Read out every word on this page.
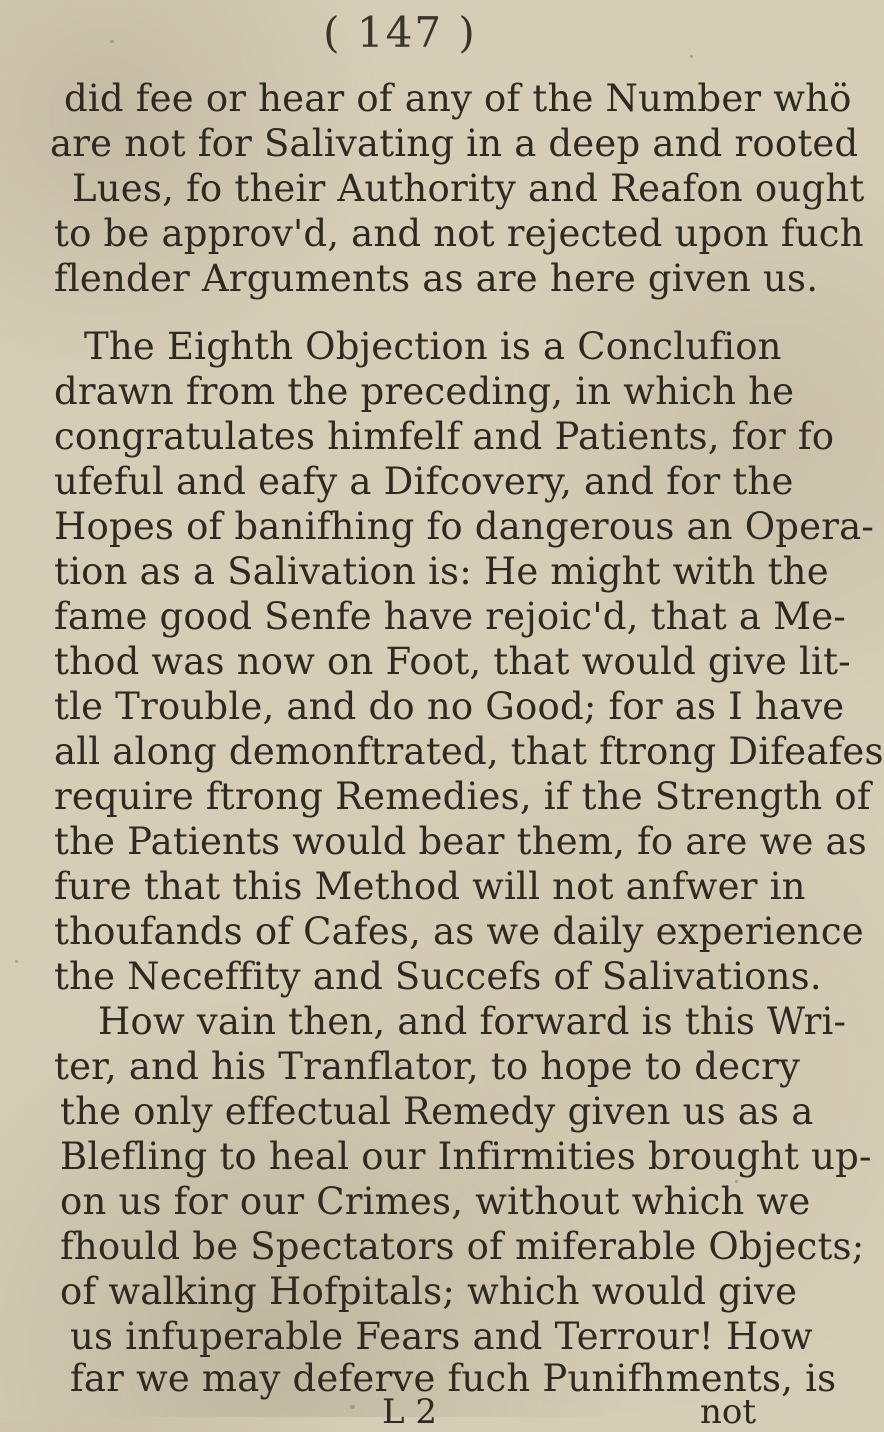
( 147 )
did fee or hear of any of the Number whö
are not for Salivating in a deep and rooted
Lues, fo their Authority and Reafon ought
to be approv'd, and not rejected upon fuch
flender Arguments as are here given us.
The Eighth Objection is a Conclufion
drawn from the preceding, in which he
congratulates himfelf and Patients, for fo
ufeful and eafy a Difcovery, and for the
Hopes of banifhing fo dangerous an Opera-
tion as a Salivation is: He might with the
fame good Senfe have rejoic'd, that a Me-
thod was now on Foot, that would give lit-
tle Trouble, and do no Good; for as I have
all along demonftrated, that ftrong Difeafes
require ftrong Remedies, if the Strength of
the Patients would bear them, fo are we as
fure that this Method will not anfwer in
thoufands of Cafes, as we daily experience
the Neceffity and Succefs of Salivations.
How vain then, and forward is this Wri-
ter, and his Tranflator, to hope to decry
the only effectual Remedy given us as a
Blefling to heal our Infirmities brought up-
on us for our Crimes, without which we
fhould be Spectators of miferable Objects;
of walking Hofpitals; which would give
us infuperable Fears and Terrour! How
far we may deferve fuch Punifhments, is
L 2	not
